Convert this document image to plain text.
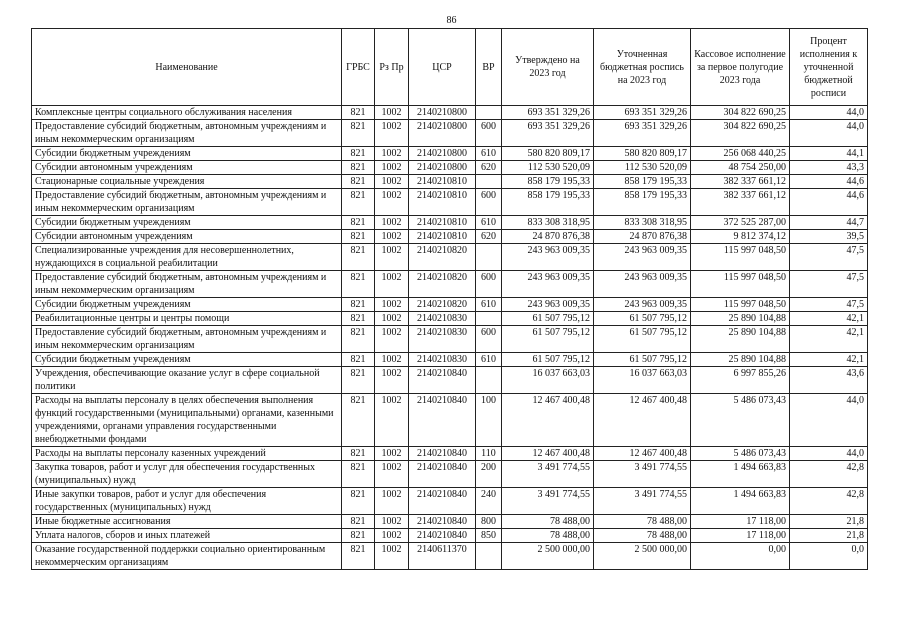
86
Наименование	ГРБС	Рз Пр	ЦСР	ВР	Утверждено на 2023 год	Уточненная бюджетная роспись на 2023 год	Кассовое исполнение за первое полугодие 2023 года	Процент исполнения к уточненной бюджетной росписи
Комплексные центры социального обслуживания населения	821	1002	2140210800		693 351 329,26	693 351 329,26	304 822 690,25	44,0
Предоставление субсидий бюджетным, автономным учреждениям и иным некоммерческим организациям	821	1002	2140210800	600	693 351 329,26	693 351 329,26	304 822 690,25	44,0
Субсидии бюджетным учреждениям	821	1002	2140210800	610	580 820 809,17	580 820 809,17	256 068 440,25	44,1
Субсидии автономным учреждениям	821	1002	2140210800	620	112 530 520,09	112 530 520,09	48 754 250,00	43,3
Стационарные социальные учреждения	821	1002	2140210810		858 179 195,33	858 179 195,33	382 337 661,12	44,6
Предоставление субсидий бюджетным, автономным учреждениям и иным некоммерческим организациям	821	1002	2140210810	600	858 179 195,33	858 179 195,33	382 337 661,12	44,6
Субсидии бюджетным учреждениям	821	1002	2140210810	610	833 308 318,95	833 308 318,95	372 525 287,00	44,7
Субсидии автономным учреждениям	821	1002	2140210810	620	24 870 876,38	24 870 876,38	9 812 374,12	39,5
Специализированные учреждения для несовершеннолетних, нуждающихся в социальной реабилитации	821	1002	2140210820		243 963 009,35	243 963 009,35	115 997 048,50	47,5
Предоставление субсидий бюджетным, автономным учреждениям и иным некоммерческим организациям	821	1002	2140210820	600	243 963 009,35	243 963 009,35	115 997 048,50	47,5
Субсидии бюджетным учреждениям	821	1002	2140210820	610	243 963 009,35	243 963 009,35	115 997 048,50	47,5
Реабилитационные центры и центры помощи	821	1002	2140210830		61 507 795,12	61 507 795,12	25 890 104,88	42,1
Предоставление субсидий бюджетным, автономным учреждениям и иным некоммерческим организациям	821	1002	2140210830	600	61 507 795,12	61 507 795,12	25 890 104,88	42,1
Субсидии бюджетным учреждениям	821	1002	2140210830	610	61 507 795,12	61 507 795,12	25 890 104,88	42,1
Учреждения, обеспечивающие оказание услуг в сфере социальной политики	821	1002	2140210840		16 037 663,03	16 037 663,03	6 997 855,26	43,6
Расходы на выплаты персоналу в целях обеспечения выполнения функций государственными (муниципальными) органами, казенными учреждениями, органами управления государственными внебюджетными фондами	821	1002	2140210840	100	12 467 400,48	12 467 400,48	5 486 073,43	44,0
Расходы на выплаты персоналу казенных учреждений	821	1002	2140210840	110	12 467 400,48	12 467 400,48	5 486 073,43	44,0
Закупка товаров, работ и услуг для обеспечения государственных (муниципальных) нужд	821	1002	2140210840	200	3 491 774,55	3 491 774,55	1 494 663,83	42,8
Иные закупки товаров, работ и услуг для обеспечения государственных (муниципальных) нужд	821	1002	2140210840	240	3 491 774,55	3 491 774,55	1 494 663,83	42,8
Иные бюджетные ассигнования	821	1002	2140210840	800	78 488,00	78 488,00	17 118,00	21,8
Уплата налогов, сборов и иных платежей	821	1002	2140210840	850	78 488,00	78 488,00	17 118,00	21,8
Оказание государственной поддержки социально ориентированным некоммерческим организациям	821	1002	2140611370		2 500 000,00	2 500 000,00	0,00	0,0
